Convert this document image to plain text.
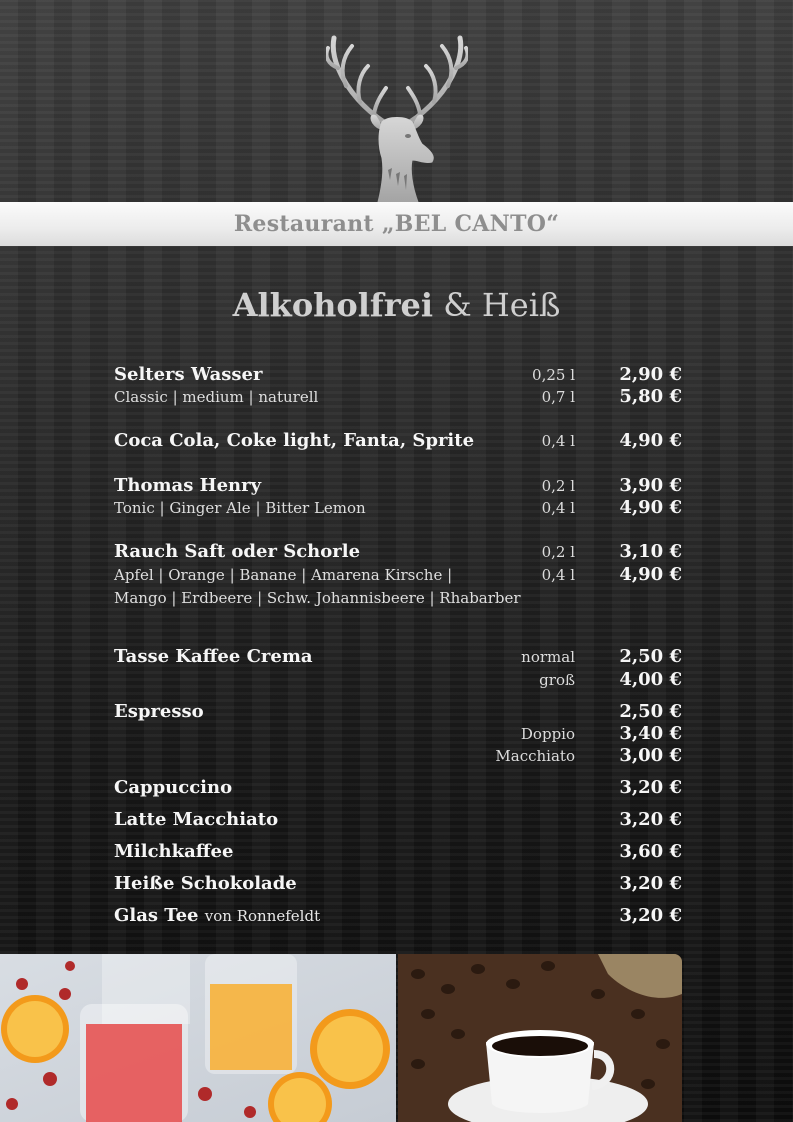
Restaurant „BEL CANTO“
Alkoholfrei & Heiß
Selters Wasser	0,25 l 2,90 €
Classic | medium | naturell	0,7 l 5,80 €
Coca Cola, Coke light, Fanta, Sprite	0,4 l 4,90 €
Thomas Henry	0,2 l 3,90 €
Tonic | Ginger Ale | Bitter Lemon	0,4 l 4,90 €
Rauch Saft oder Schorle	0,2 l 3,10 €
Apfel | Orange | Banane | Amarena Kirsche |	0,4 l 4,90 €
Mango | Erdbeere | Schw. Johannisbeere | Rhabarber
Tasse Kaffee Crema	normal 2,50 €
groß 4,00 €
Espresso	2,50 €
Doppio 3,40 €
Macchiato 3,00 €
Cappuccino	3,20 €
Latte Macchiato	3,20 €
Milchkaffee	3,60 €
Heiße Schokolade	3,20 €
Glas Tee von Ronnefeldt	3,20 €
